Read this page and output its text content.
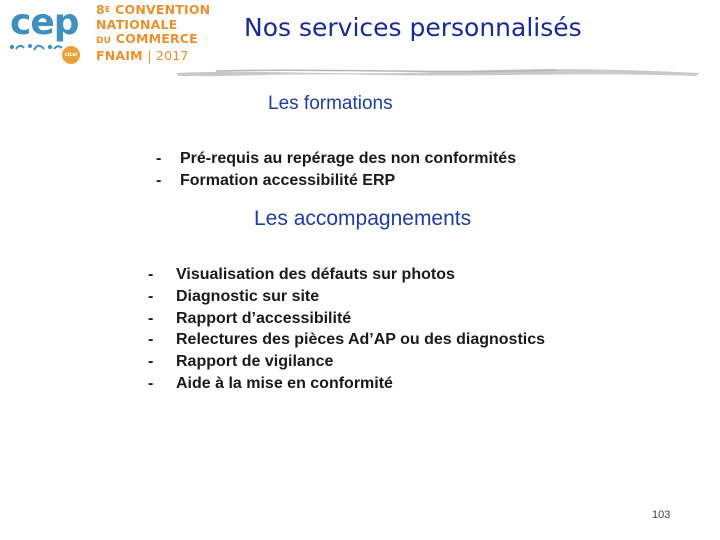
cep
cical
$8^E$ CONVENTION
NATIONALE
DU COMMERCE
FNAIM | 2017
Nos services personnalisés
Les formations
- Pré-requis au repérage des non conformités
- Formation accessibilité ERP
Les accompagnements
- Visualisation des défauts sur photos
- Diagnostic sur site
- Rapport d’accessibilité
- Relectures des pièces Ad’AP ou des diagnostics
- Rapport de vigilance
- Aide à la mise en conformité
103
